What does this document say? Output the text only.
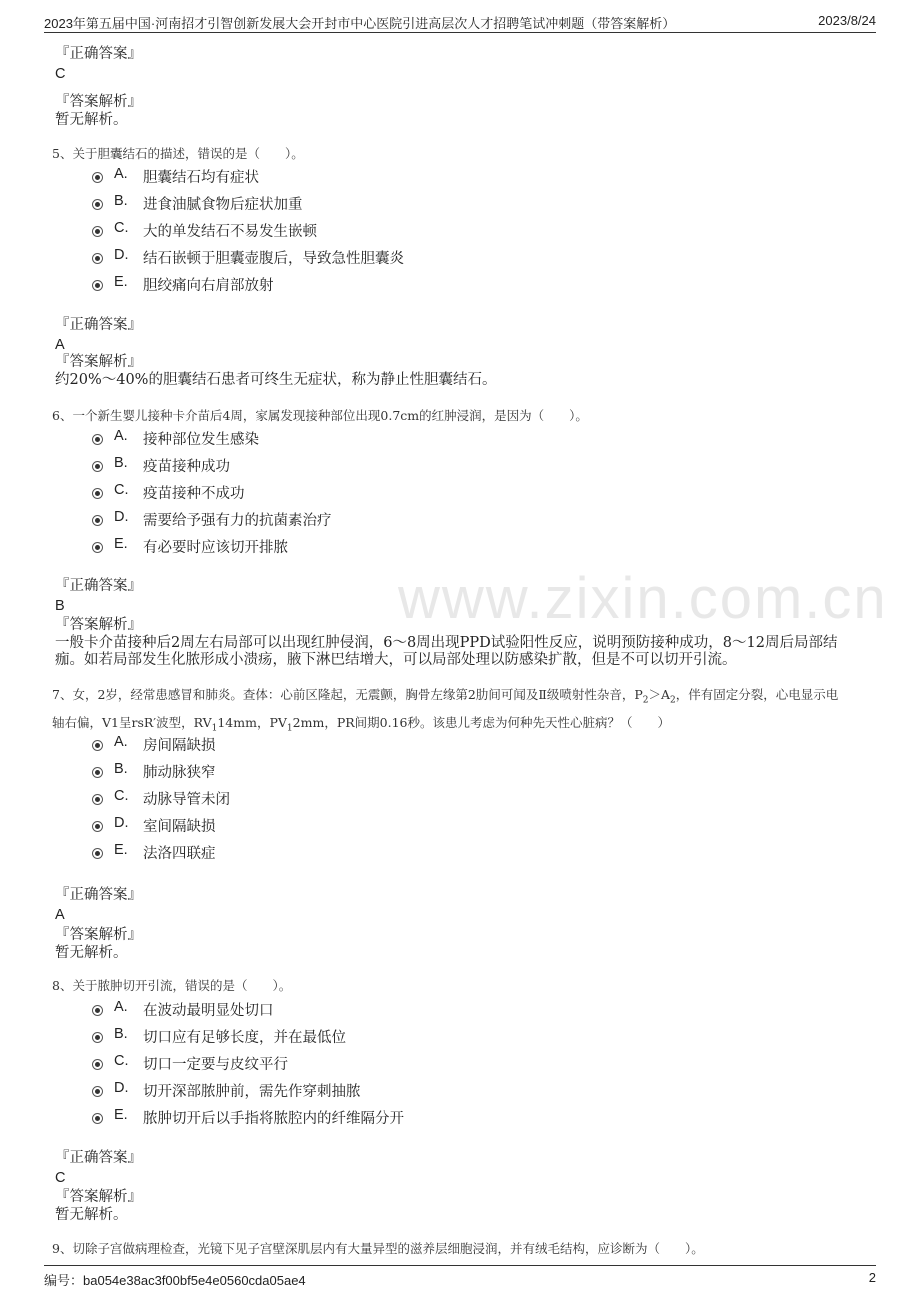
2023年第五届中国·河南招才引智创新发展大会开封市中心医院引进高层次人才招聘笔试冲刺题（带答案解析）	2023/8/24
www.zixin.com.cn
『正确答案』
C
『答案解析』
暂无解析。
5、关于胆囊结石的描述，错误的是（　　）。
A. 胆囊结石均有症状
B. 进食油腻食物后症状加重
C. 大的单发结石不易发生嵌顿
D. 结石嵌顿于胆囊壶腹后，导致急性胆囊炎
E. 胆绞痛向右肩部放射
『正确答案』
A
『答案解析』
约20%～40%的胆囊结石患者可终生无症状，称为静止性胆囊结石。
6、一个新生婴儿接种卡介苗后4周，家属发现接种部位出现0.7cm的红肿浸润，是因为（　　）。
A. 接种部位发生感染
B. 疫苗接种成功
C. 疫苗接种不成功
D. 需要给予强有力的抗菌素治疗
E. 有必要时应该切开排脓
『正确答案』
B
『答案解析』
一般卡介苗接种后2周左右局部可以出现红肿侵润，6～8周出现PPD试验阳性反应，说明预防接种成功，8～12周后局部结
痂。如若局部发生化脓形成小溃疡，腋下淋巴结增大，可以局部处理以防感染扩散，但是不可以切开引流。
7、女，2岁，经常患感冒和肺炎。查体：心前区隆起，无震颤，胸骨左缘第2肋间可闻及Ⅱ级喷射性杂音，$P_2>A_2$，伴有固定分裂，心电显示电
轴右偏，V1呈rsR′波型，$RV_114mm$，$PV_12mm$，PR间期0.16秒。该患儿考虑为何种先天性心脏病？（　　）
A. 房间隔缺损
B. 肺动脉狭窄
C. 动脉导管未闭
D. 室间隔缺损
E. 法洛四联症
『正确答案』
A
『答案解析』
暂无解析。
8、关于脓肿切开引流，错误的是（　　）。
A. 在波动最明显处切口
B. 切口应有足够长度，并在最低位
C. 切口一定要与皮纹平行
D. 切开深部脓肿前，需先作穿刺抽脓
E. 脓肿切开后以手指将脓腔内的纤维隔分开
『正确答案』
C
『答案解析』
暂无解析。
9、切除子宫做病理检查，光镜下见子宫壁深肌层内有大量异型的滋养层细胞浸润，并有绒毛结构，应诊断为（　　）。
编号：ba054e38ac3f00bf5e4e0560cda05ae4	2
